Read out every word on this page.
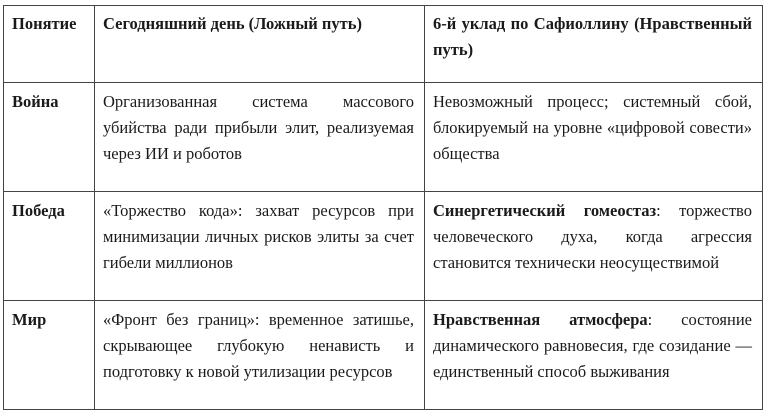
Понятие	Сегодняшний день (Ложный путь)	6-й уклад по Сафиоллину (Нравственный путь)
Война	Организованная система массового убийства ради прибыли элит, реализуемая через ИИ и роботов	Невозможный процесс; системный сбой, блокируемый на уровне «цифровой совести» общества
Победа	«Торжество кода»: захват ресурсов при минимизации личных рисков элиты за счет гибели миллионов	Синергетический гомеостаз: торжество человеческого духа, когда агрессия становится технически неосуществимой
Мир	«Фронт без границ»: временное затишье, скрывающее глубокую ненависть и подготовку к новой утилизации ресурсов	Нравственная атмосфера: состояние динамического равновесия, где созидание — единственный способ выживания
